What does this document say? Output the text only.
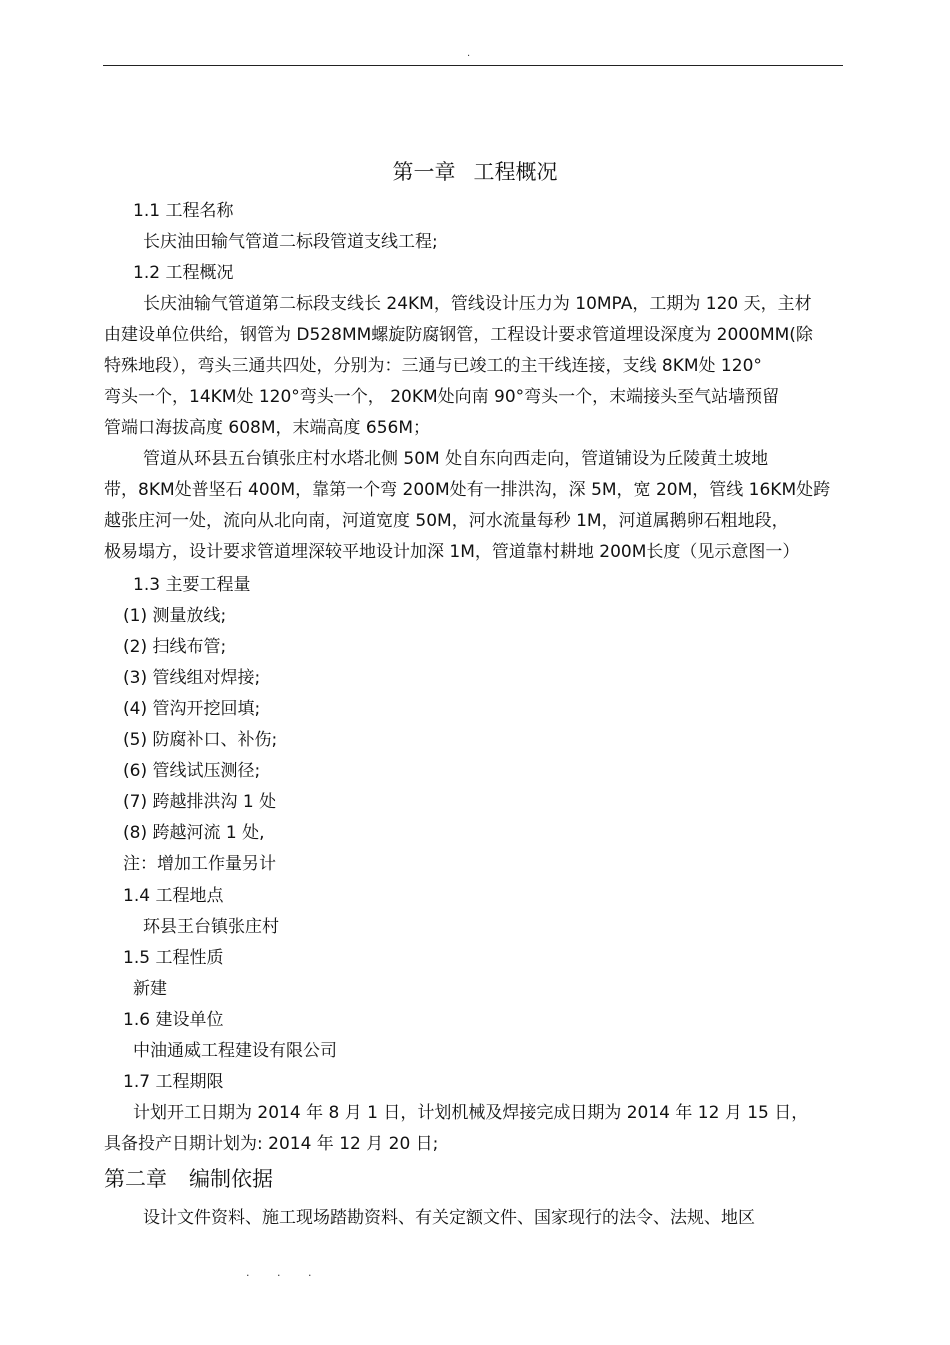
.
第一章 工程概况
1.1 工程名称
长庆油田输气管道二标段管道支线工程;
1.2 工程概况
长庆油输气管道第二标段支线长 24KM，管线设计压力为 10MPA，工期为 120 天，主材
由建设单位供给，钢管为 D528MM螺旋防腐钢管，工程设计要求管道埋设深度为 2000MM(除
特殊地段），弯头三通共四处，分别为：三通与已竣工的主干线连接，支线 8KM处 120°
弯头一个，14KM处 120°弯头一个， 20KM处向南 90°弯头一个，末端接头至气站墙预留
管端口海拔高度 608M，末端高度 656M；
管道从环县五台镇张庄村水塔北侧 50M 处自东向西走向，管道铺设为丘陵黄土坡地
带，8KM处普坚石 400M，靠第一个弯 200M处有一排洪沟，深 5M，宽 20M，管线 16KM处跨
越张庄河一处，流向从北向南，河道宽度 50M，河水流量每秒 1M，河道属鹅卵石粗地段，
极易塌方，设计要求管道埋深较平地设计加深 1M，管道靠村耕地 200M长度（见示意图一）
1.3 主要工程量
(1) 测量放线;
(2) 扫线布管;
(3) 管线组对焊接;
(4) 管沟开挖回填;
(5) 防腐补口、补伤;
(6) 管线试压测径;
(7) 跨越排洪沟 1 处
(8) 跨越河流 1 处,
注：增加工作量另计
1.4 工程地点
环县王台镇张庄村
1.5 工程性质
新建
1.6 建设单位
中油通威工程建设有限公司
1.7 工程期限
计划开工日期为 2014 年 8 月 1 日，计划机械及焊接完成日期为 2014 年 12 月 15 日，
具备投产日期计划为: 2014 年 12 月 20 日;
第二章 编制依据
设计文件资料、施工现场踏勘资料、有关定额文件、国家现行的法令、法规、地区
. . .
